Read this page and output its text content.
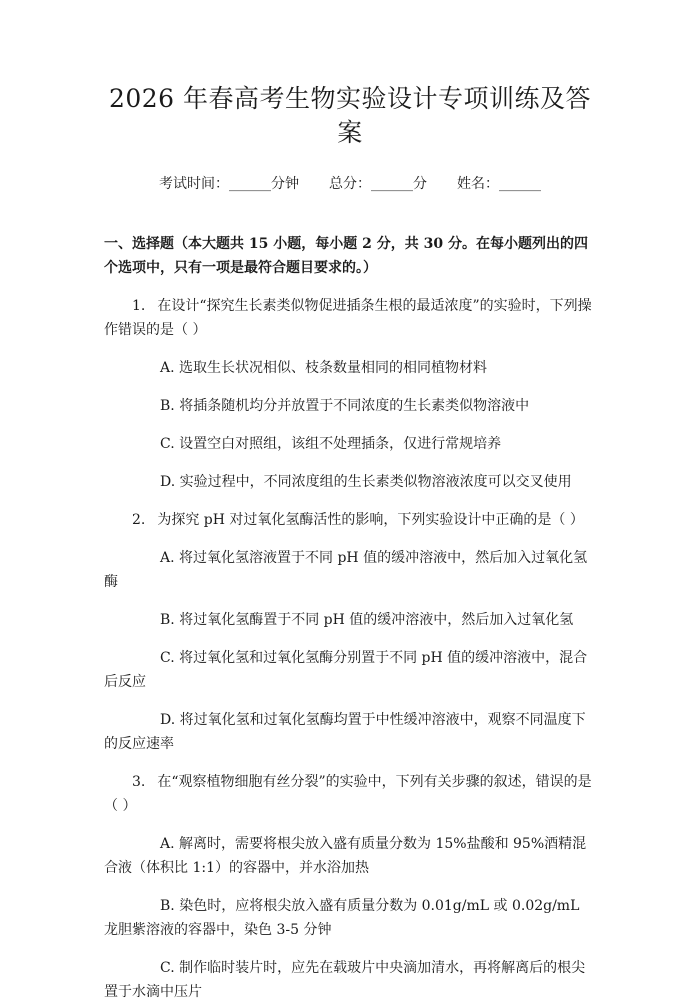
2026 年春高考生物实验设计专项训练及答案
考试时间：______分钟 总分：______分 姓名：______
一、选择题（本大题共 15 小题，每小题 2 分，共 30 分。在每小题列出的四个选项中，只有一项是最符合题目要求的。）
1. 在设计“探究生长素类似物促进插条生根的最适浓度”的实验时，下列操作错误的是（ ）
A. 选取生长状况相似、枝条数量相同的相同植物材料
B. 将插条随机均分并放置于不同浓度的生长素类似物溶液中
C. 设置空白对照组，该组不处理插条，仅进行常规培养
D. 实验过程中，不同浓度组的生长素类似物溶液浓度可以交叉使用
2. 为探究 pH 对过氧化氢酶活性的影响，下列实验设计中正确的是（ ）
A. 将过氧化氢溶液置于不同 pH 值的缓冲溶液中，然后加入过氧化氢酶
B. 将过氧化氢酶置于不同 pH 值的缓冲溶液中，然后加入过氧化氢
C. 将过氧化氢和过氧化氢酶分别置于不同 pH 值的缓冲溶液中，混合后反应
D. 将过氧化氢和过氧化氢酶均置于中性缓冲溶液中，观察不同温度下的反应速率
3. 在“观察植物细胞有丝分裂”的实验中，下列有关步骤的叙述，错误的是（ ）
A. 解离时，需要将根尖放入盛有质量分数为 15%盐酸和 95%酒精混合液（体积比 1:1）的容器中，并水浴加热
B. 染色时，应将根尖放入盛有质量分数为 0.01g/mL 或 0.02g/mL 龙胆紫溶液的容器中，染色 3-5 分钟
C. 制作临时装片时，应先在载玻片中央滴加清水，再将解离后的根尖置于水滴中压片
